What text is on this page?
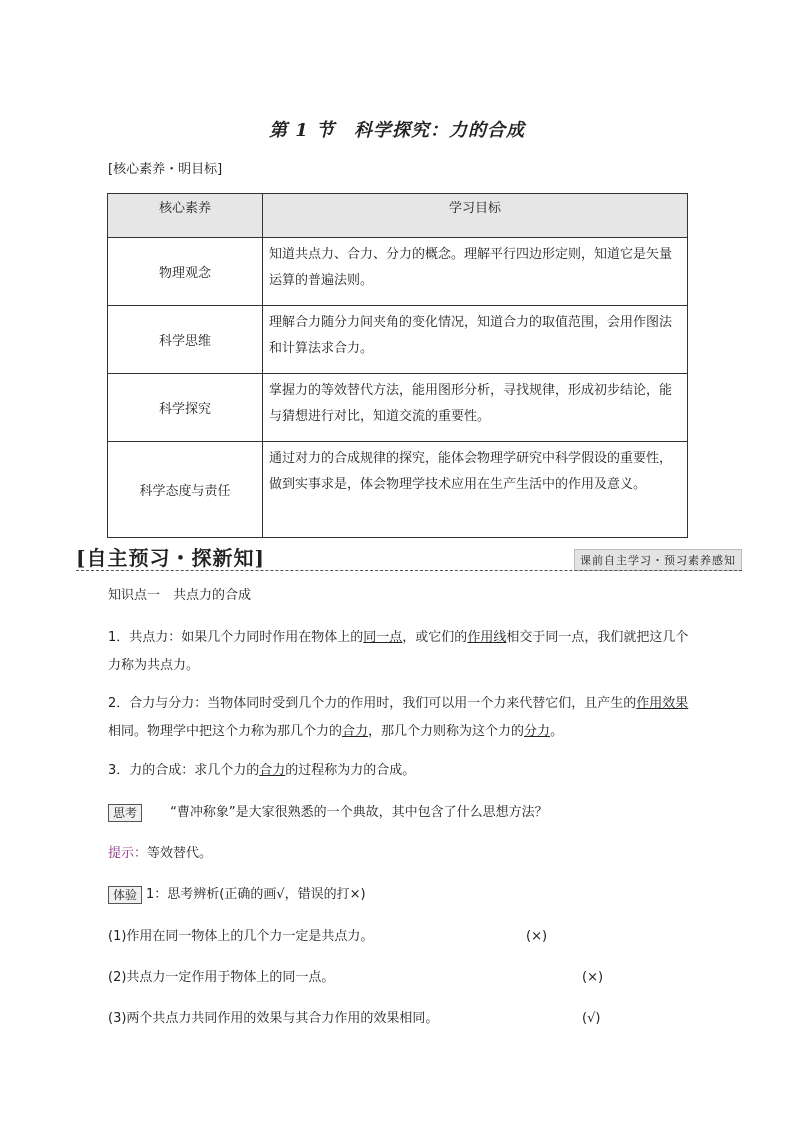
第 1 节　科学探究：力的合成
[核心素养・明目标]
核心素养	学习目标
物理观念	知道共点力、合力、分力的概念。理解平行四边形定则，知道它是矢量运算的普遍法则。
科学思维	理解合力随分力间夹角的变化情况，知道合力的取值范围，会用作图法和计算法求合力。
科学探究	掌握力的等效替代方法，能用图形分析，寻找规律，形成初步结论，能与猜想进行对比，知道交流的重要性。
科学态度与责任	通过对力的合成规律的探究，能体会物理学研究中科学假设的重要性，做到实事求是，体会物理学技术应用在生产生活中的作用及意义。
[自主预习・探新知]	课前自主学习・预习素养感知
知识点一　共点力的合成
1．共点力：如果几个力同时作用在物体上的同一点，或它们的作用线相交于同一点，我们就把这几个力称为共点力。
2．合力与分力：当物体同时受到几个力的作用时，我们可以用一个力来代替它们，且产生的作用效果相同。物理学中把这个力称为那几个力的合力，那几个力则称为这个力的分力。
3．力的合成：求几个力的合力的过程称为力的合成。
思考	“曹冲称象”是大家很熟悉的一个典故，其中包含了什么思想方法？
提示：等效替代。
体验 1：思考辨析(正确的画√，错误的打×)
(1)作用在同一物体上的几个力一定是共点力。	(×)
(2)共点力一定作用于物体上的同一点。	(×)
(3)两个共点力共同作用的效果与其合力作用的效果相同。	(√)
